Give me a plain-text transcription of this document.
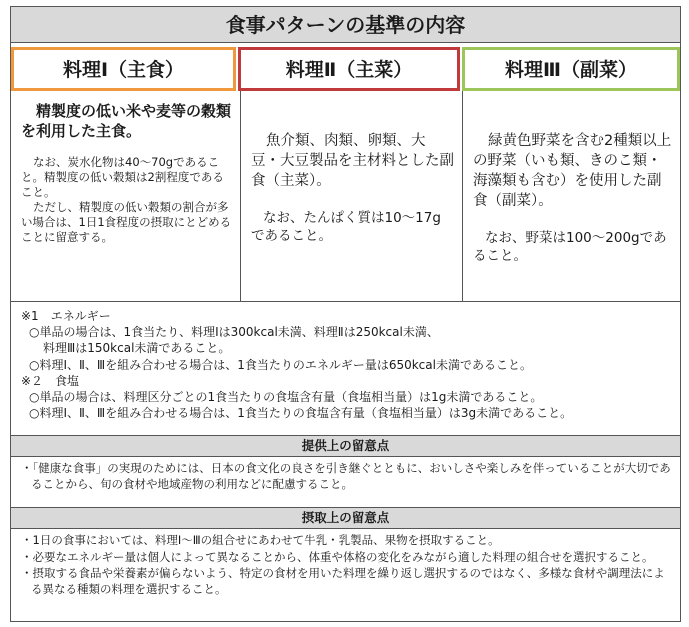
食事パターンの基準の内容
料理Ⅰ（主食）	料理Ⅱ（主菜）	料理Ⅲ（副菜）

精製度の低い米や麦等の穀類を利用した主食。

なお、炭水化物は40〜70gであること。精製度の低い穀類は2割程度であること。

ただし、精製度の低い穀類の割合が多い場合は、1日1食程度の摂取にとどめることに留意する。

魚介類、肉類、卵類、大豆・大豆製品を主材料とした副食（主菜）。

なお、たんぱく質は10〜17gであること。

緑黄色野菜を含む2種類以上の野菜（いも類、きのこ類・海藻類も含む）を使用した副食（副菜）。

なお、野菜は100〜200gであること。

※1　エネルギー
○単品の場合は、1食当たり、料理Ⅰは300kcal未満、料理Ⅱは250kcal未満、
料理Ⅲは150kcal未満であること。
○料理Ⅰ、Ⅱ、Ⅲを組み合わせる場合は、1食当たりのエネルギー量は650kcal未満であること。
※２　食塩
○単品の場合は、料理区分ごとの1食当たりの食塩含有量（食塩相当量）は1g未満であること。
○料理Ⅰ、Ⅱ、Ⅲを組み合わせる場合は、1食当たりの食塩含有量（食塩相当量）は3g未満であること。
提供上の留意点

・「健康な食事」の実現のためには、日本の食文化の良さを引き継ぐとともに、おいしさや楽しみを伴っていることが大切であることから、旬の食材や地域産物の利用などに配慮すること。

摂取上の留意点

・1日の食事においては、料理Ⅰ〜Ⅲの組合せにあわせて牛乳・乳製品、果物を摂取すること。

・必要なエネルギー量は個人によって異なることから、体重や体格の変化をみながら適した料理の組合せを選択すること。

・摂取する食品や栄養素が偏らないよう、特定の食材を用いた料理を繰り返し選択するのではなく、多様な食材や調理法による異なる種類の料理を選択すること。
